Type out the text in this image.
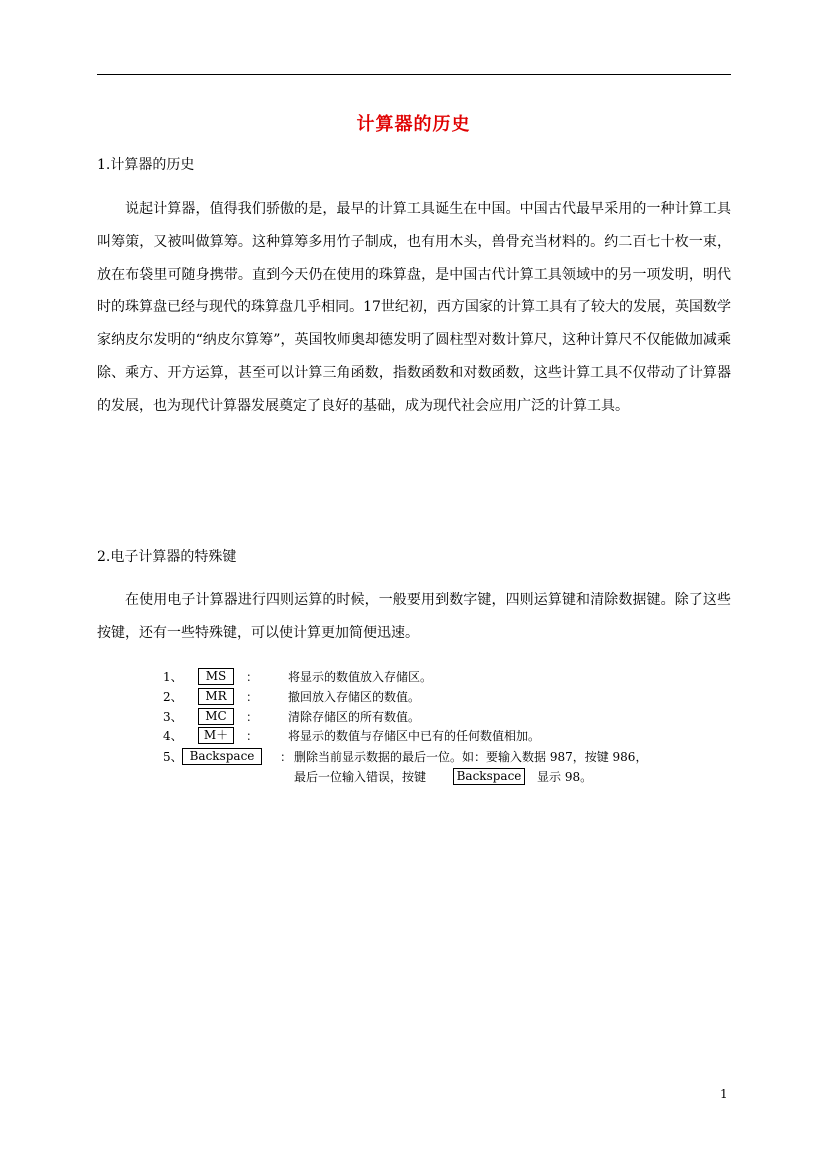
计算器的历史
1.计算器的历史
说起计算器，值得我们骄傲的是，最早的计算工具诞生在中国。中国古代最早采用的一种计算工具叫筹策，又被叫做算筹。这种算筹多用竹子制成，也有用木头，兽骨充当材料的。约二百七十枚一束，放在布袋里可随身携带。直到今天仍在使用的珠算盘，是中国古代计算工具领域中的另一项发明，明代时的珠算盘已经与现代的珠算盘几乎相同。17世纪初，西方国家的计算工具有了较大的发展，英国数学家纳皮尔发明的“纳皮尔算筹”，英国牧师奥却德发明了圆柱型对数计算尺，这种计算尺不仅能做加减乘除、乘方、开方运算，甚至可以计算三角函数，指数函数和对数函数，这些计算工具不仅带动了计算器的发展，也为现代计算器发展奠定了良好的基础，成为现代社会应用广泛的计算工具。
2.电子计算器的特殊键
在使用电子计算器进行四则运算的时候，一般要用到数字键，四则运算键和清除数据键。除了这些按键，还有一些特殊键，可以使计算更加简便迅速。
1、	MS	： 将显示的数值放入存储区。
2、	MR	： 撤回放入存储区的数值。
3、	MC	： 清除存储区的所有数值。
4、	M＋	： 将显示的数值与存储区中已有的任何数值相加。
5、 Backspace	： 删除当前显示数据的最后一位。如：要输入数据 987，按键 986，
最后一位输入错误，按键	Backspace	显示 98。
1
